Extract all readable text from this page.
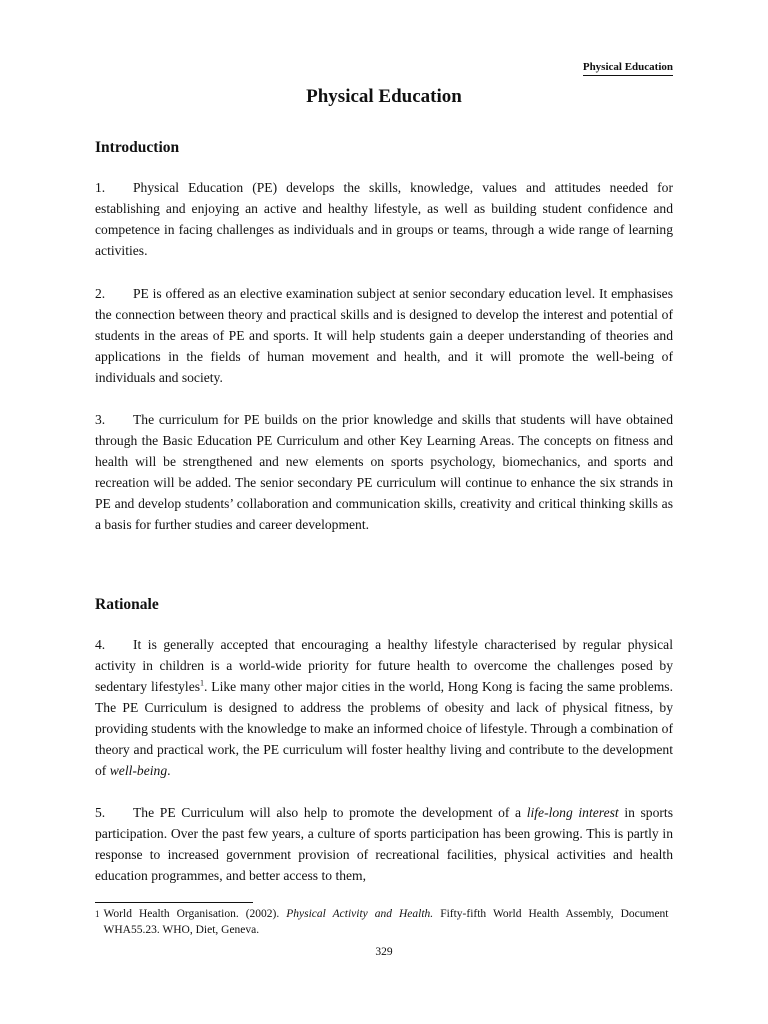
Physical Education
Physical Education
Introduction

1. Physical Education (PE) develops the skills, knowledge, values and attitudes needed for establishing and enjoying an active and healthy lifestyle, as well as building student confidence and competence in facing challenges as individuals and in groups or teams, through a wide range of learning activities.

2. PE is offered as an elective examination subject at senior secondary education level. It emphasises the connection between theory and practical skills and is designed to develop the interest and potential of students in the areas of PE and sports. It will help students gain a deeper understanding of theories and applications in the fields of human movement and health, and it will promote the well-being of individuals and society.

3. The curriculum for PE builds on the prior knowledge and skills that students will have obtained through the Basic Education PE Curriculum and other Key Learning Areas. The concepts on fitness and health will be strengthened and new elements on sports psychology, biomechanics, and sports and recreation will be added. The senior secondary PE curriculum will continue to enhance the six strands in PE and develop students’ collaboration and communication skills, creativity and critical thinking skills as a basis for further studies and career development.

Rationale

4. It is generally accepted that encouraging a healthy lifestyle characterised by regular physical activity in children is a world-wide priority for future health to overcome the challenges posed by sedentary lifestyles$^1$. Like many other major cities in the world, Hong Kong is facing the same problems. The PE Curriculum is designed to address the problems of obesity and lack of physical fitness, by providing students with the knowledge to make an informed choice of lifestyle. Through a combination of theory and practical work, the PE curriculum will foster healthy living and contribute to the development of well-being.

5. The PE Curriculum will also help to promote the development of a life-long interest in sports participation. Over the past few years, a culture of sports participation has been growing. This is partly in response to increased government provision of recreational facilities, physical activities and health education programmes, and better access to them,

$^1$ World Health Organisation. (2002). Physical Activity and Health. Fifty-fifth World Health Assembly, Document WHA55.23. WHO, Diet, Geneva.
329
